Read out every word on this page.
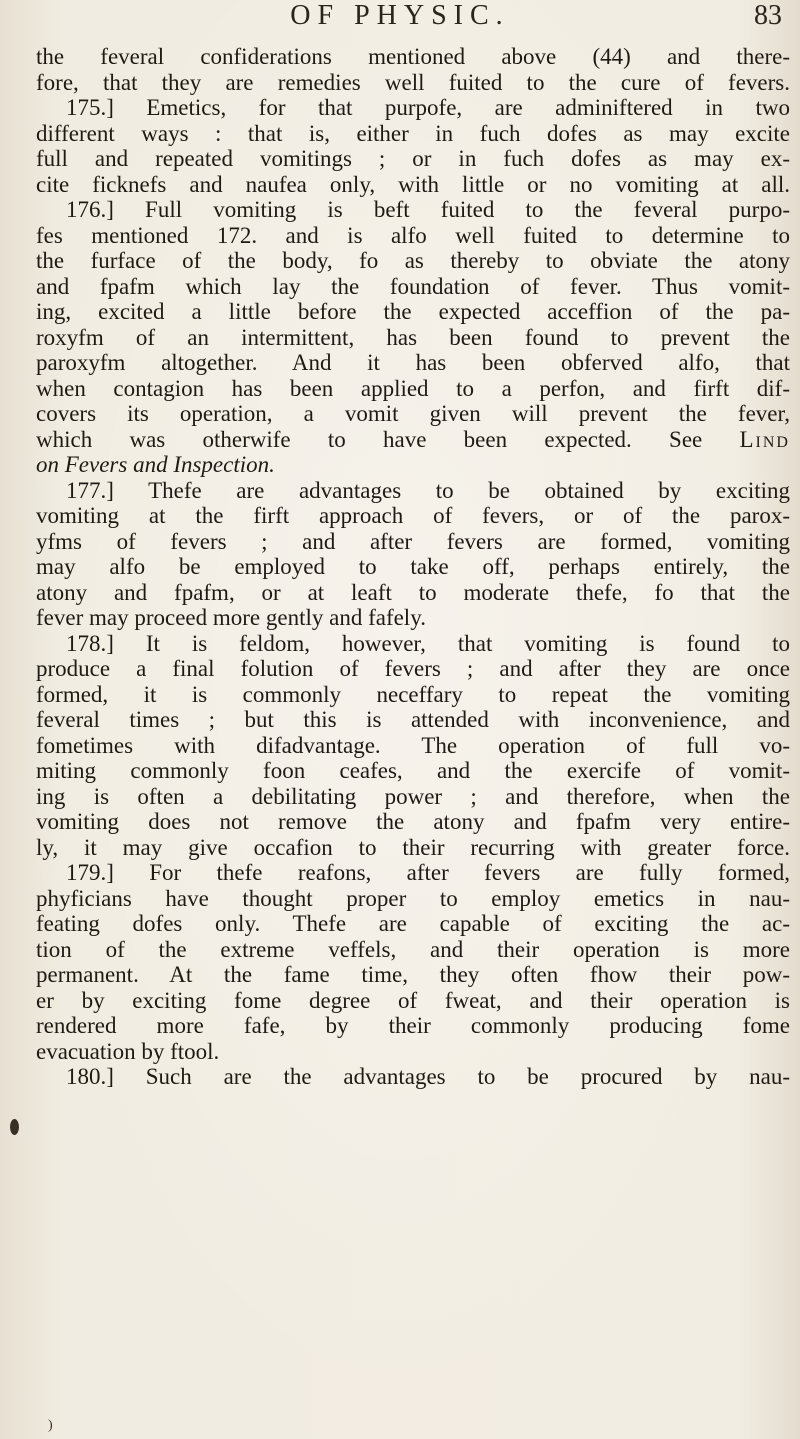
OF PHYSIC.	83
the feveral confiderations mentioned above (44) and there-
fore, that they are remedies well fuited to the cure of fevers.
175.] Emetics, for that purpofe, are adminiftered in two
different ways : that is, either in fuch dofes as may excite
full and repeated vomitings ; or in fuch dofes as may ex-
cite ficknefs and naufea only, with little or no vomiting at all.
176.] Full vomiting is beft fuited to the feveral purpo-
fes mentioned 172. and is alfo well fuited to determine to
the furface of the body, fo as thereby to obviate the atony
and fpafm which lay the foundation of fever. Thus vomit-
ing, excited a little before the expected acceffion of the pa-
roxyfm of an intermittent, has been found to prevent the
paroxyfm altogether. And it has been obferved alfo, that
when contagion has been applied to a perfon, and firft dif-
covers its operation, a vomit given will prevent the fever,
which was otherwife to have been expected. See Lind
on Fevers and Inspection.
177.] Thefe are advantages to be obtained by exciting
vomiting at the firft approach of fevers, or of the parox-
yfms of fevers ; and after fevers are formed, vomiting
may alfo be employed to take off, perhaps entirely, the
atony and fpafm, or at leaft to moderate thefe, fo that the
fever may proceed more gently and fafely.
178.] It is feldom, however, that vomiting is found to
produce a final folution of fevers ; and after they are once
formed, it is commonly neceffary to repeat the vomiting
feveral times ; but this is attended with inconvenience, and
fometimes with difadvantage. The operation of full vo-
miting commonly foon ceafes, and the exercife of vomit-
ing is often a debilitating power ; and therefore, when the
vomiting does not remove the atony and fpafm very entire-
ly, it may give occafion to their recurring with greater force.
179.] For thefe reafons, after fevers are fully formed,
phyficians have thought proper to employ emetics in nau-
feating dofes only. Thefe are capable of exciting the ac-
tion of the extreme veffels, and their operation is more
permanent. At the fame time, they often fhow their pow-
er by exciting fome degree of fweat, and their operation is
rendered more fafe, by their commonly producing fome
evacuation by ftool.
180.] Such are the advantages to be procured by nau-
)
